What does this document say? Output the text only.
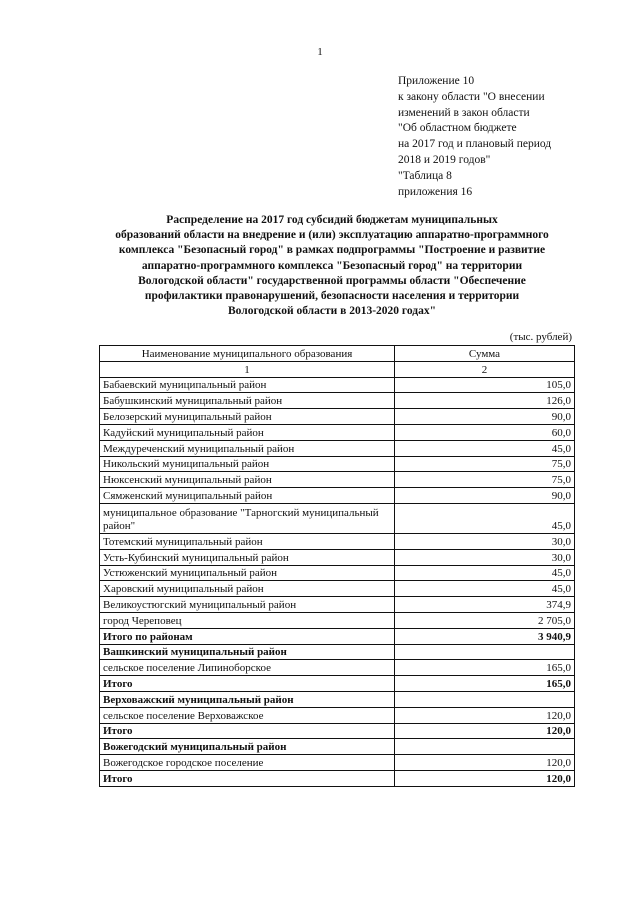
1
Приложение 10
к закону области "О внесении
изменений в закон области
"Об областном бюджете
на 2017 год и плановый период
2018 и 2019 годов"
"Таблица 8
приложения 16
Распределение на 2017 год субсидий бюджетам муниципальных
образований области на внедрение и (или) эксплуатацию аппаратно-программного
комплекса "Безопасный город" в рамках подпрограммы "Построение и развитие
аппаратно-программного комплекса "Безопасный город" на территории
Вологодской области" государственной программы области "Обеспечение
профилактики правонарушений, безопасности населения и территории
Вологодской области в 2013-2020 годах"
(тыс. рублей)
Наименование муниципального образования	Сумма
1	2
Бабаевский муниципальный район	105,0
Бабушкинский муниципальный район	126,0
Белозерский муниципальный район	90,0
Кадуйский муниципальный район	60,0
Междуреченский муниципальный район	45,0
Никольский муниципальный район	75,0
Нюксенский муниципальный район	75,0
Сямженский муниципальный район	90,0
муниципальное образование "Тарногский муниципальный район"	45,0
Тотемский муниципальный район	30,0
Усть-Кубинский муниципальный район	30,0
Устюженский муниципальный район	45,0
Харовский муниципальный район	45,0
Великоустюгский муниципальный район	374,9
город Череповец	2 705,0
Итого по районам	3 940,9
Вашкинский муниципальный район	
сельское поселение Липиноборское	165,0
Итого	165,0
Верховажский муниципальный район	
сельское поселение Верховажское	120,0
Итого	120,0
Вожегодский муниципальный район	
Вожегодское городское поселение	120,0
Итого	120,0
